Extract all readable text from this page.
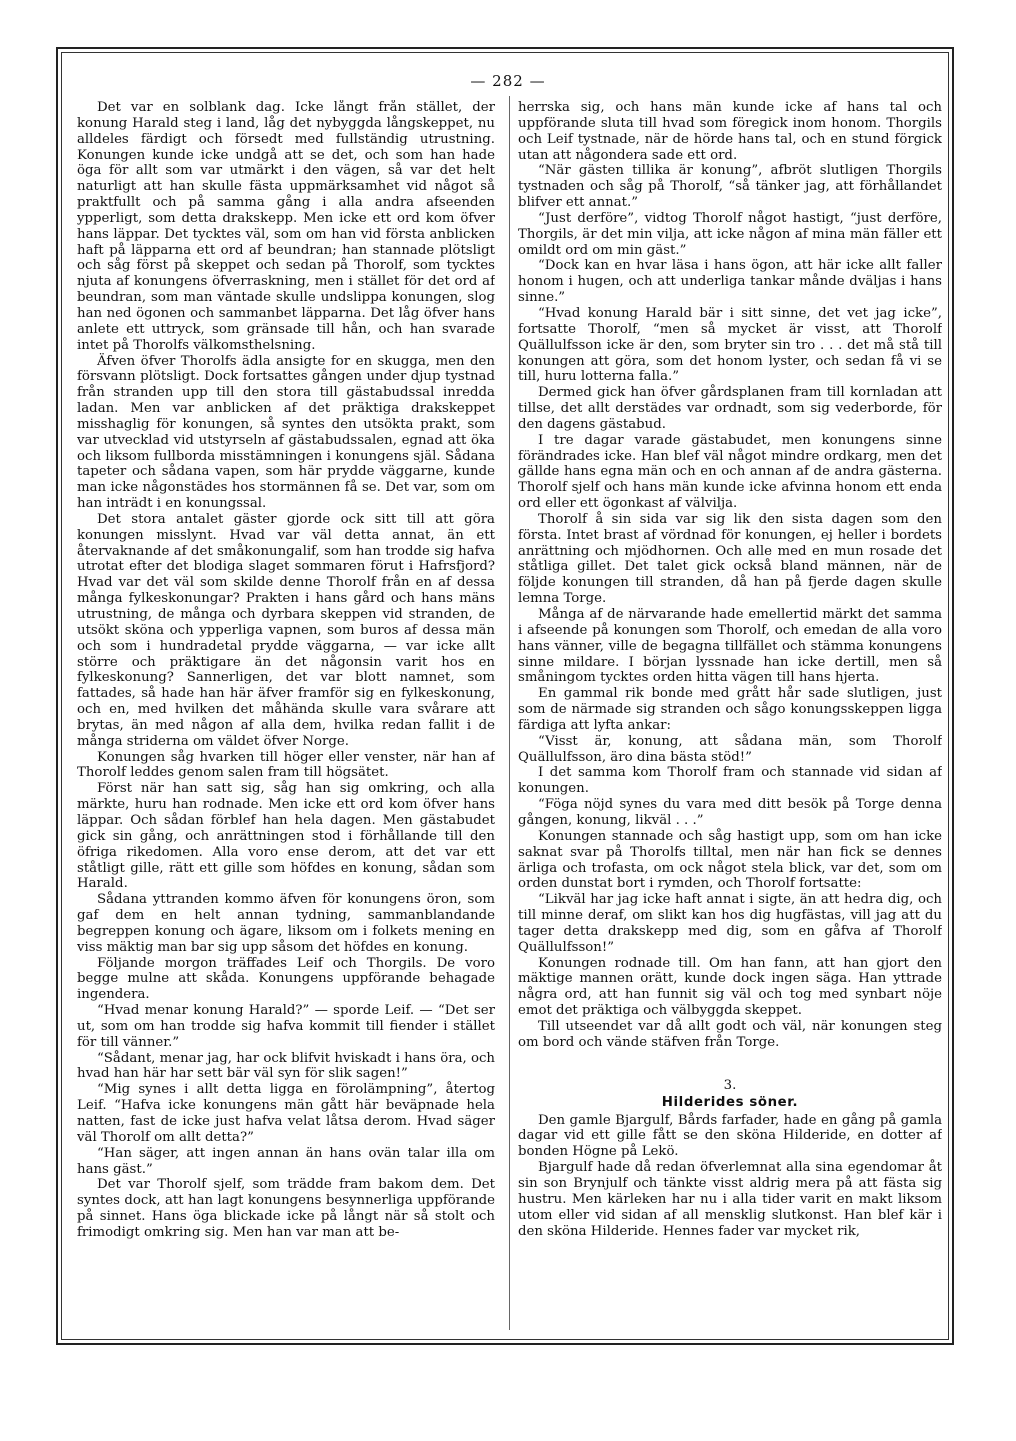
— 282 —

Det var en solblank dag. Icke långt från stället, der konung Harald steg i land, låg det nybyggda långskeppet, nu alldeles färdigt och försedt med fullständig utrustning. Konungen kunde icke undgå att se det, och som han hade öga för allt som var utmärkt i den vägen, så var det helt naturligt att han skulle fästa uppmärksamhet vid något så praktfullt och på samma gång i alla andra afseenden ypperligt, som detta drakskepp. Men icke ett ord kom öfver hans läppar. Det tycktes väl, som om han vid första anblicken haft på läpparna ett ord af beundran; han stannade plötsligt och såg först på skeppet och sedan på Thorolf, som tycktes njuta af konungens öfverraskning, men i stället för det ord af beundran, som man väntade skulle undslippa konungen, slog han ned ögonen och sammanbet läpparna. Det låg öfver hans anlete ett uttryck, som gränsade till hån, och han svarade intet på Thorolfs välkomsthelsning.

Äfven öfver Thorolfs ädla ansigte for en skugga, men den försvann plötsligt. Dock fortsattes gången under djup tystnad från stranden upp till den stora till gästabudssal inredda ladan. Men var anblicken af det präktiga drakskeppet misshaglig för konungen, så syntes den utsökta prakt, som var utvecklad vid utstyrseln af gästabudssalen, egnad att öka och liksom fullborda misstämningen i konungens själ. Sådana tapeter och sådana vapen, som här prydde väggarne, kunde man icke någonstädes hos stormännen få se. Det var, som om han inträdt i en konungssal.

Det stora antalet gäster gjorde ock sitt till att göra konungen misslynt. Hvad var väl detta annat, än ett återvaknande af det småkonungalif, som han trodde sig hafva utrotat efter det blodiga slaget sommaren förut i Hafrsfjord? Hvad var det väl som skilde denne Thorolf från en af dessa många fylkeskonungar? Prakten i hans gård och hans mäns utrustning, de många och dyrbara skeppen vid stranden, de utsökt sköna och ypperliga vapnen, som buros af dessa män och som i hundradetal prydde väggarna, — var icke allt större och präktigare än det någonsin varit hos en fylkeskonung? Sannerligen, det var blott namnet, som fattades, så hade han här äfver framför sig en fylkeskonung, och en, med hvilken det måhända skulle vara svårare att brytas, än med någon af alla dem, hvilka redan fallit i de många striderna om väldet öfver Norge.

Konungen såg hvarken till höger eller venster, när han af Thorolf leddes genom salen fram till högsätet.

Först när han satt sig, såg han sig omkring, och alla märkte, huru han rodnade. Men icke ett ord kom öfver hans läppar. Och sådan förblef han hela dagen. Men gästabudet gick sin gång, och anrättningen stod i förhållande till den öfriga rikedomen. Alla voro ense derom, att det var ett ståtligt gille, rätt ett gille som höfdes en konung, sådan som Harald.

Sådana yttranden kommo äfven för konungens öron, som gaf dem en helt annan tydning, sammanblandande begreppen konung och ägare, liksom om i folkets mening en viss mäktig man bar sig upp såsom det höfdes en konung.

Följande morgon träffades Leif och Thorgils. De voro begge mulne att skåda. Konungens uppförande behagade ingendera.

“Hvad menar konung Harald?” — sporde Leif. — “Det ser ut, som om han trodde sig hafva kommit till fiender i stället för till vänner.”

“Sådant, menar jag, har ock blifvit hviskadt i hans öra, och hvad han här har sett bär väl syn för slik sagen!”

“Mig synes i allt detta ligga en förolämpning”, återtog Leif. “Hafva icke konungens män gått här beväpnade hela natten, fast de icke just hafva velat låtsa derom. Hvad säger väl Thorolf om allt detta?”

“Han säger, att ingen annan än hans ovän talar illa om hans gäst.”

Det var Thorolf sjelf, som trädde fram bakom dem. Det syntes dock, att han lagt konungens besynnerliga uppförande på sinnet. Hans öga blickade icke på långt när så stolt och frimodigt omkring sig. Men han var man att be-

herrska sig, och hans män kunde icke af hans tal och uppförande sluta till hvad som föregick inom honom. Thorgils och Leif tystnade, när de hörde hans tal, och en stund förgick utan att någondera sade ett ord.

“När gästen tillika är konung”, afbröt slutligen Thorgils tystnaden och såg på Thorolf, “så tänker jag, att förhållandet blifver ett annat.”

“Just derföre”, vidtog Thorolf något hastigt, “just derföre, Thorgils, är det min vilja, att icke någon af mina män fäller ett omildt ord om min gäst.”

“Dock kan en hvar läsa i hans ögon, att här icke allt faller honom i hugen, och att underliga tankar månde dväljas i hans sinne.”

“Hvad konung Harald bär i sitt sinne, det vet jag icke”, fortsatte Thorolf, “men så mycket är visst, att Thorolf Quällulfsson icke är den, som bryter sin tro . . . det må stå till konungen att göra, som det honom lyster, och sedan få vi se till, huru lotterna falla.”

Dermed gick han öfver gårdsplanen fram till kornladan att tillse, det allt derstädes var ordnadt, som sig vederborde, för den dagens gästabud.

I tre dagar varade gästabudet, men konungens sinne förändrades icke. Han blef väl något mindre ordkarg, men det gällde hans egna män och en och annan af de andra gästerna. Thorolf sjelf och hans män kunde icke afvinna honom ett enda ord eller ett ögonkast af välvilja.

Thorolf å sin sida var sig lik den sista dagen som den första. Intet brast af vördnad för konungen, ej heller i bordets anrättning och mjödhornen. Och alle med en mun rosade det ståtliga gillet. Det talet gick också bland männen, när de följde konungen till stranden, då han på fjerde dagen skulle lemna Torge.

Många af de närvarande hade emellertid märkt det samma i afseende på konungen som Thorolf, och emedan de alla voro hans vänner, ville de begagna tillfället och stämma konungens sinne mildare. I början lyssnade han icke dertill, men så småningom tycktes orden hitta vägen till hans hjerta.

En gammal rik bonde med grått hår sade slutligen, just som de närmade sig stranden och sågo konungsskeppen ligga färdiga att lyfta ankar:

“Visst är, konung, att sådana män, som Thorolf Quällulfsson, äro dina bästa stöd!”

I det samma kom Thorolf fram och stannade vid sidan af konungen.

“Föga nöjd synes du vara med ditt besök på Torge denna gången, konung, likväl . . .”

Konungen stannade och såg hastigt upp, som om han icke saknat svar på Thorolfs tilltal, men när han fick se dennes ärliga och trofasta, om ock något stela blick, var det, som om orden dunstat bort i rymden, och Thorolf fortsatte:

“Likväl har jag icke haft annat i sigte, än att hedra dig, och till minne deraf, om slikt kan hos dig hugfästas, vill jag att du tager detta drakskepp med dig, som en gåfva af Thorolf Quällulfsson!”

Konungen rodnade till. Om han fann, att han gjort den mäktige mannen orätt, kunde dock ingen säga. Han yttrade några ord, att han funnit sig väl och tog med synbart nöje emot det präktiga och välbyggda skeppet.

Till utseendet var då allt godt och väl, när konungen steg om bord och vände stäfven från Torge.

3.
Hilderides söner.

Den gamle Bjargulf, Bårds farfader, hade en gång på gamla dagar vid ett gille fått se den sköna Hilderide, en dotter af bonden Högne på Lekö.

Bjargulf hade då redan öfverlemnat alla sina egendomar åt sin son Brynjulf och tänkte visst aldrig mera på att fästa sig hustru. Men kärleken har nu i alla tider varit en makt liksom utom eller vid sidan af all mensklig slutkonst. Han blef kär i den sköna Hilderide. Hennes fader var mycket rik,
